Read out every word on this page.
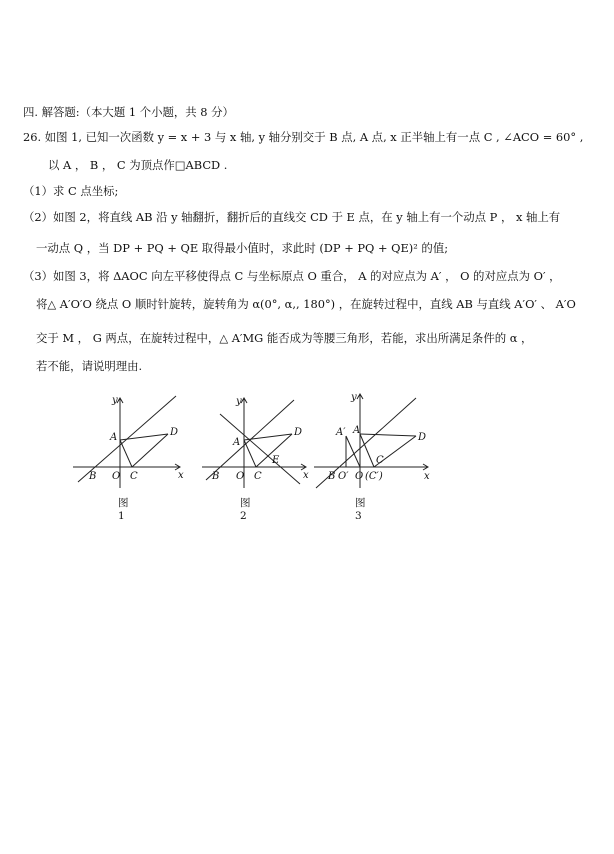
四. 解答题:（本大题 1 个小题，共 8 分）
26. 如图 1, 已知一次函数 y = x + 3 与 x 轴, y 轴分别交于 B 点, A 点, x 正半轴上有一点 C , ∠ACO = 60° ,
以 A ， B ， C 为顶点作□ABCD .
（1）求 C 点坐标;
（2）如图 2，将直线 AB 沿 y 轴翻折，翻折后的直线交 CD 于 E 点，在 y 轴上有一个动点 P ， x 轴上有
一动点 Q ，当 DP + PQ + QE 取得最小值时，求此时 (DP + PQ + QE)² 的值;
（3）如图 3，将 ΔAOC 向左平移使得点 C 与坐标原点 O 重合， A 的对应点为 A′ ， O 的对应点为 O′ ，
将△ A′O′O 绕点 O 顺时针旋转，旋转角为 α(0°, α,, 180°) ，在旋转过程中，直线 AB 与直线 A′O′ 、 A′O
交于 M ， G 两点，在旋转过程中，△ A′MG 能否成为等腰三角形，若能，求出所满足条件的 α ，
若不能，请说明理由.
y
x
A	D
B O C
图1
y
x
A
D
E
B O C
图2
y
x
A′ A
D
C
B O′ O (C′)
图3
